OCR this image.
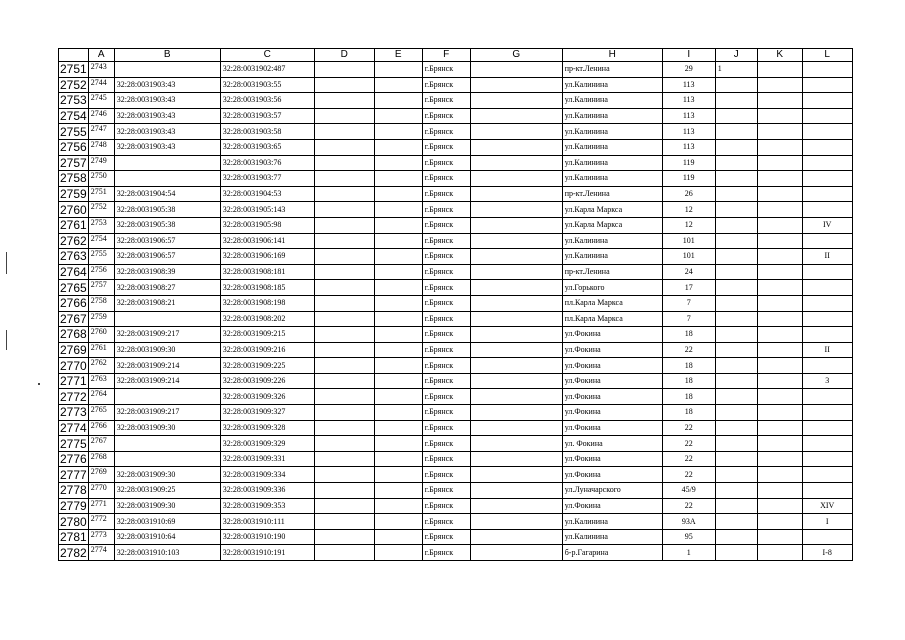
	A	B	C	D	E	F	G	H	I	J	K	L
2751	2743		32:28:0031902:487			г.Брянск		пр-кт.Ленина	29	1		
2752	2744	32:28:0031903:43	32:28:0031903:55			г.Брянск		ул.Калинина	113			
2753	2745	32:28:0031903:43	32:28:0031903:56			г.Брянск		ул.Калинина	113			
2754	2746	32:28:0031903:43	32:28:0031903:57			г.Брянск		ул.Калинина	113			
2755	2747	32:28:0031903:43	32:28:0031903:58			г.Брянск		ул.Калинина	113			
2756	2748	32:28:0031903:43	32:28:0031903:65			г.Брянск		ул.Калинина	113			
2757	2749		32:28:0031903:76			г.Брянск		ул.Калинина	119			
2758	2750		32:28:0031903:77			г.Брянск		ул.Калинина	119			
2759	2751	32:28:0031904:54	32:28:0031904:53			г.Брянск		пр-кт.Ленина	26			
2760	2752	32:28:0031905:38	32:28:0031905:143			г.Брянск		ул.Карла Маркса	12			
2761	2753	32:28:0031905:38	32:28:0031905:98			г.Брянск		ул.Карла Маркса	12			IV
2762	2754	32:28:0031906:57	32:28:0031906:141			г.Брянск		ул.Калинина	101			
2763	2755	32:28:0031906:57	32:28:0031906:169			г.Брянск		ул.Калинина	101			II
2764	2756	32:28:0031908:39	32:28:0031908:181			г.Брянск		пр-кт.Ленина	24			
2765	2757	32:28:0031908:27	32:28:0031908:185			г.Брянск		ул.Горького	17			
2766	2758	32:28:0031908:21	32:28:0031908:198			г.Брянск		пл.Карла Маркса	7			
2767	2759		32:28:0031908:202			г.Брянск		пл.Карла Маркса	7			
2768	2760	32:28:0031909:217	32:28:0031909:215			г.Брянск		ул.Фокина	18			
2769	2761	32:28:0031909:30	32:28:0031909:216			г.Брянск		ул.Фокина	22			II
2770	2762	32:28:0031909:214	32:28:0031909:225			г.Брянск		ул.Фокина	18			
2771	2763	32:28:0031909:214	32:28:0031909:226			г.Брянск		ул.Фокина	18			3
2772	2764		32:28:0031909:326			г.Брянск		ул.Фокина	18			
2773	2765	32:28:0031909:217	32:28:0031909:327			г.Брянск		ул.Фокина	18			
2774	2766	32:28:0031909:30	32:28:0031909:328			г.Брянск		ул.Фокина	22			
2775	2767		32:28:0031909:329			г.Брянск		ул. Фокина	22			
2776	2768		32:28:0031909:331			г.Брянск		ул.Фокина	22			
2777	2769	32:28:0031909:30	32:28:0031909:334			г.Брянск		ул.Фокина	22			
2778	2770	32:28:0031909:25	32:28:0031909:336			г.Брянск		ул.Луначарского	45/9			
2779	2771	32:28:0031909:30	32:28:0031909:353			г.Брянск		ул.Фокина	22			XIV
2780	2772	32:28:0031910:69	32:28:0031910:111			г.Брянск		ул.Калинина	93А			I
2781	2773	32:28:0031910:64	32:28:0031910:190			г.Брянск		ул.Калинина	95			
2782	2774	32:28:0031910:103	32:28:0031910:191			г.Брянск		б-р.Гагарина	1			I-8
